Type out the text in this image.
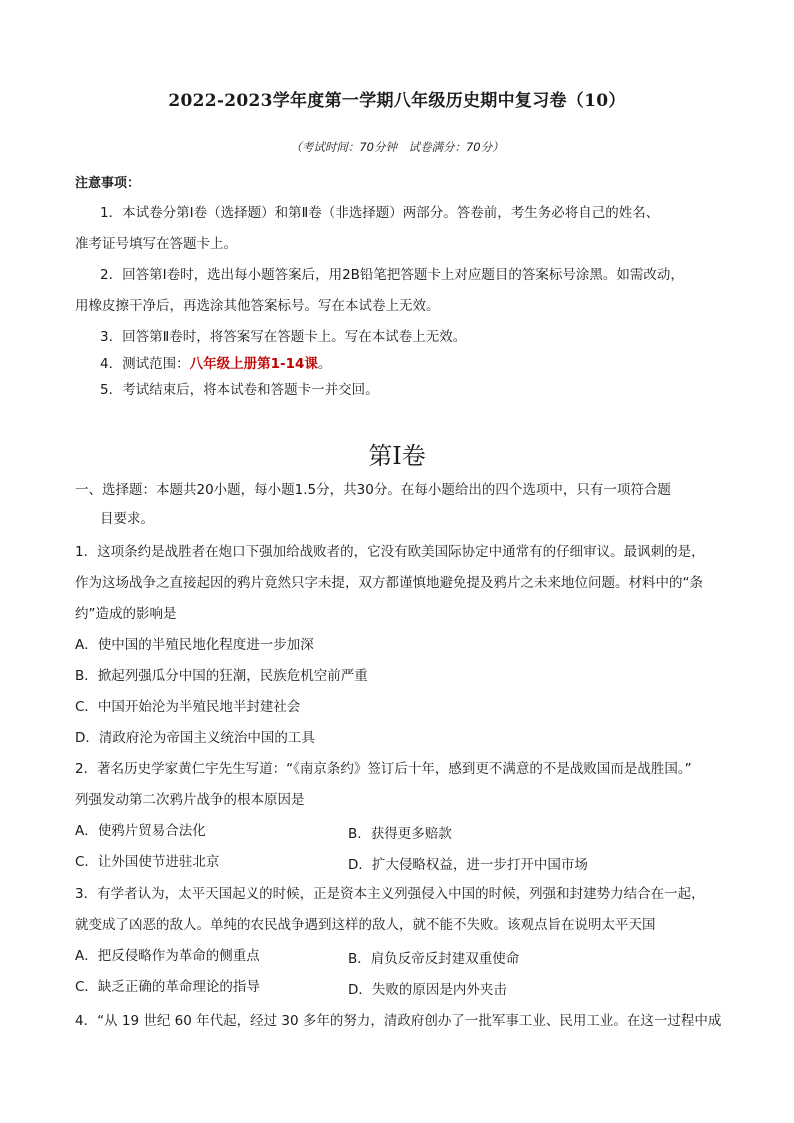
2022-2023学年度第一学期八年级历史期中复习卷（10）
（考试时间：70分钟　试卷满分：70分）
注意事项：
1．本试卷分第Ⅰ卷（选择题）和第Ⅱ卷（非选择题）两部分。答卷前，考生务必将自己的姓名、
准考证号填写在答题卡上。
2．回答第Ⅰ卷时，选出每小题答案后，用2B铅笔把答题卡上对应题目的答案标号涂黑。如需改动，
用橡皮擦干净后，再选涂其他答案标号。写在本试卷上无效。
3．回答第Ⅱ卷时，将答案写在答题卡上。写在本试卷上无效。
4．测试范围：八年级上册第1-14课。
5．考试结束后，将本试卷和答题卡一并交回。
第Ⅰ卷
一、选择题：本题共20小题，每小题1.5分，共30分。在每小题给出的四个选项中，只有一项符合题
目要求。
1．这项条约是战胜者在炮口下强加给战败者的，它没有欧美国际协定中通常有的仔细审议。最讽刺的是，
作为这场战争之直接起因的鸦片竟然只字未提，双方都谨慎地避免提及鸦片之未来地位问题。材料中的“条
约”造成的影响是
A．使中国的半殖民地化程度进一步加深
B．掀起列强瓜分中国的狂潮，民族危机空前严重
C．中国开始沦为半殖民地半封建社会
D．清政府沦为帝国主义统治中国的工具
2．著名历史学家黄仁宇先生写道：“《南京条约》签订后十年，感到更不满意的不是战败国而是战胜国。”
列强发动第二次鸦片战争的根本原因是
A．使鸦片贸易合法化	B．获得更多赔款
C．让外国使节进驻北京	D．扩大侵略权益，进一步打开中国市场
3．有学者认为，太平天国起义的时候，正是资本主义列强侵入中国的时候，列强和封建势力结合在一起，
就变成了凶恶的敌人。单纯的农民战争遇到这样的敌人，就不能不失败。该观点旨在说明太平天国
A．把反侵略作为革命的侧重点	B．肩负反帝反封建双重使命
C．缺乏正确的革命理论的指导	D．失败的原因是内外夹击
4．“从 19 世纪 60 年代起，经过 30 多年的努力，清政府创办了一批军事工业、民用工业。在这一过程中成
